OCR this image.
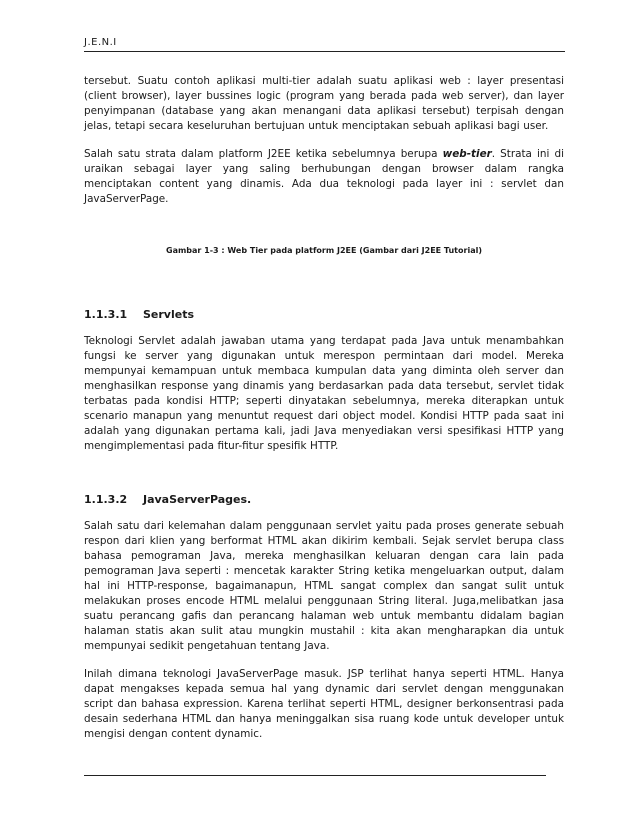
J.E.N.I

tersebut. Suatu contoh aplikasi multi-tier adalah suatu aplikasi web : layer presentasi (client browser), layer bussines logic (program yang berada pada web server), dan layer penyimpanan (database yang akan menangani data aplikasi tersebut) terpisah dengan jelas, tetapi secara keseluruhan bertujuan untuk menciptakan sebuah aplikasi bagi user.

Salah satu strata dalam platform J2EE ketika sebelumnya berupa web-tier. Strata ini di uraikan sebagai layer yang saling berhubungan dengan browser dalam rangka menciptakan content yang dinamis. Ada dua teknologi pada layer ini : servlet dan JavaServerPage.

Gambar 1-3 : Web Tier pada platform J2EE (Gambar dari J2EE Tutorial)
1.1.3.1	Servlets

Teknologi Servlet adalah jawaban utama yang terdapat pada Java untuk menambahkan fungsi ke server yang digunakan untuk merespon permintaan dari model. Mereka mempunyai kemampuan untuk membaca kumpulan data yang diminta oleh server dan menghasilkan response yang dinamis yang berdasarkan pada data tersebut, servlet tidak terbatas pada kondisi HTTP; seperti dinyatakan sebelumnya, mereka diterapkan untuk scenario manapun yang menuntut request dari object model. Kondisi HTTP pada saat ini adalah yang digunakan pertama kali, jadi Java menyediakan versi spesifikasi HTTP yang mengimplementasi pada fitur-fitur spesifik HTTP.

1.1.3.2	JavaServerPages.

Salah satu dari kelemahan dalam penggunaan servlet yaitu pada proses generate sebuah respon dari klien yang berformat HTML akan dikirim kembali. Sejak servlet berupa class bahasa pemograman Java, mereka menghasilkan keluaran dengan cara lain pada pemograman Java seperti : mencetak karakter String ketika mengeluarkan output, dalam hal ini HTTP-response, bagaimanapun, HTML sangat complex dan sangat sulit untuk melakukan proses encode HTML melalui penggunaan String literal. Juga,melibatkan jasa suatu perancang gafis dan perancang halaman web untuk membantu didalam bagian halaman statis akan sulit atau mungkin mustahil : kita akan mengharapkan dia untuk mempunyai sedikit pengetahuan tentang Java.

Inilah dimana teknologi JavaServerPage masuk. JSP terlihat hanya seperti HTML. Hanya dapat mengakses kepada semua hal yang dynamic dari servlet dengan menggunakan script dan bahasa expression. Karena terlihat seperti HTML, designer berkonsentrasi pada desain sederhana HTML dan hanya meninggalkan sisa ruang kode untuk developer untuk mengisi dengan content dynamic.
